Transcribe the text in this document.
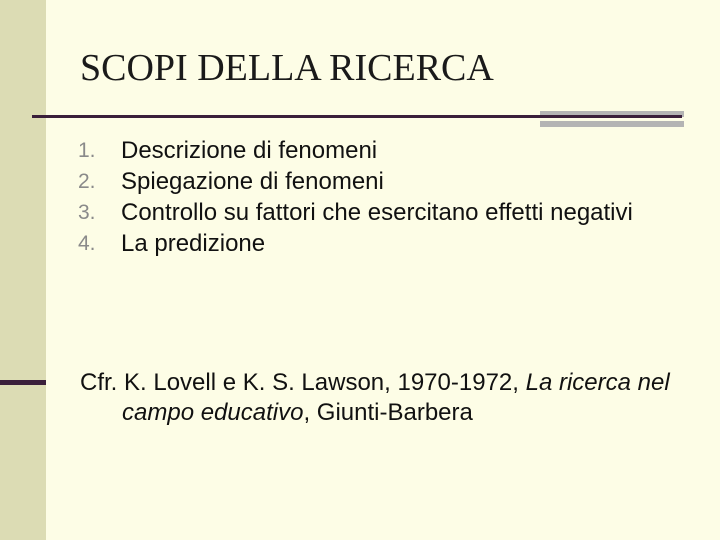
SCOPI DELLA RICERCA
1.	Descrizione di fenomeni
2.	Spiegazione di fenomeni
3.	Controllo su fattori che esercitano effetti negativi
4.	La predizione
Cfr. K. Lovell e K. S. Lawson, 1970-1972, La ricerca nel campo educativo, Giunti-Barbera
